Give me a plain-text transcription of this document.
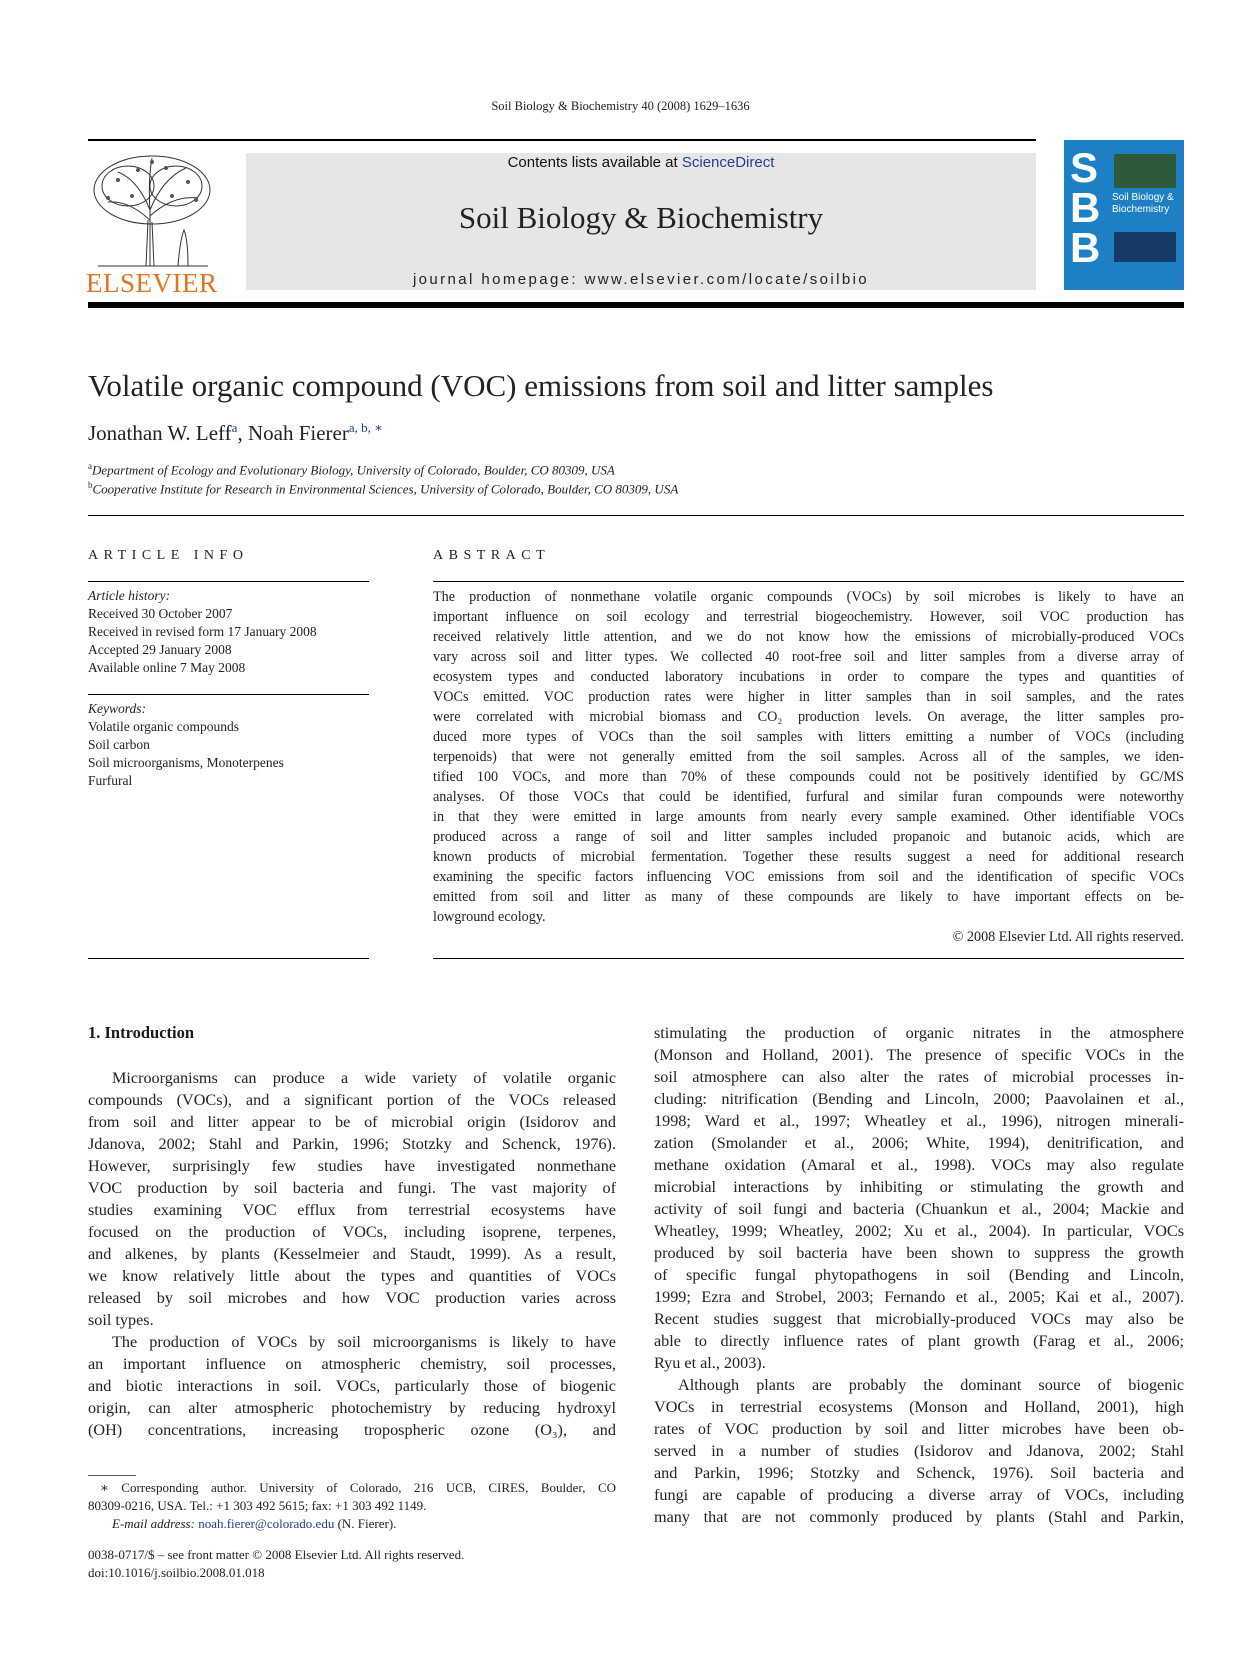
Soil Biology & Biochemistry 40 (2008) 1629–1636
ELSEVIER
Contents lists available at ScienceDirect
Soil Biology & Biochemistry
journal homepage: www.elsevier.com/locate/soilbio
S
B
B
Soil Biology & Biochemistry
Volatile organic compound (VOC) emissions from soil and litter samples
Jonathan W. Leff$^a$, Noah Fierer$^{a, b, ∗}$
$^a$Department of Ecology and Evolutionary Biology, University of Colorado, Boulder, CO 80309, USA
$^b$Cooperative Institute for Research in Environmental Sciences, University of Colorado, Boulder, CO 80309, USA
ARTICLE INFO	ABSTRACT
Article history:
Received 30 October 2007
Received in revised form 17 January 2008
Accepted 29 January 2008
Available online 7 May 2008
Keywords:
Volatile organic compounds
Soil carbon
Soil microorganisms, Monoterpenes
Furfural
The production of nonmethane volatile organic compounds (VOCs) by soil microbes is likely to have an
important influence on soil ecology and terrestrial biogeochemistry. However, soil VOC production has
received relatively little attention, and we do not know how the emissions of microbially-produced VOCs
vary across soil and litter types. We collected 40 root-free soil and litter samples from a diverse array of
ecosystem types and conducted laboratory incubations in order to compare the types and quantities of
VOCs emitted. VOC production rates were higher in litter samples than in soil samples, and the rates
were correlated with microbial biomass and CO₂ production levels. On average, the litter samples pro-
duced more types of VOCs than the soil samples with litters emitting a number of VOCs (including
terpenoids) that were not generally emitted from the soil samples. Across all of the samples, we iden-
tified 100 VOCs, and more than 70% of these compounds could not be positively identified by GC/MS
analyses. Of those VOCs that could be identified, furfural and similar furan compounds were noteworthy
in that they were emitted in large amounts from nearly every sample examined. Other identifiable VOCs
produced across a range of soil and litter samples included propanoic and butanoic acids, which are
known products of microbial fermentation. Together these results suggest a need for additional research
examining the specific factors influencing VOC emissions from soil and the identification of specific VOCs
emitted from soil and litter as many of these compounds are likely to have important effects on be-
lowground ecology.
© 2008 Elsevier Ltd. All rights reserved.
1. Introduction
Microorganisms can produce a wide variety of volatile organic
compounds (VOCs), and a significant portion of the VOCs released
from soil and litter appear to be of microbial origin (Isidorov and
Jdanova, 2002; Stahl and Parkin, 1996; Stotzky and Schenck, 1976).
However, surprisingly few studies have investigated nonmethane
VOC production by soil bacteria and fungi. The vast majority of
studies examining VOC efflux from terrestrial ecosystems have
focused on the production of VOCs, including isoprene, terpenes,
and alkenes, by plants (Kesselmeier and Staudt, 1999). As a result,
we know relatively little about the types and quantities of VOCs
released by soil microbes and how VOC production varies across
soil types.
The production of VOCs by soil microorganisms is likely to have
an important influence on atmospheric chemistry, soil processes,
and biotic interactions in soil. VOCs, particularly those of biogenic
origin, can alter atmospheric photochemistry by reducing hydroxyl
(OH) concentrations, increasing tropospheric ozone (O₃), and
stimulating the production of organic nitrates in the atmosphere
(Monson and Holland, 2001). The presence of specific VOCs in the
soil atmosphere can also alter the rates of microbial processes in-
cluding: nitrification (Bending and Lincoln, 2000; Paavolainen et al.,
1998; Ward et al., 1997; Wheatley et al., 1996), nitrogen minerali-
zation (Smolander et al., 2006; White, 1994), denitrification, and
methane oxidation (Amaral et al., 1998). VOCs may also regulate
microbial interactions by inhibiting or stimulating the growth and
activity of soil fungi and bacteria (Chuankun et al., 2004; Mackie and
Wheatley, 1999; Wheatley, 2002; Xu et al., 2004). In particular, VOCs
produced by soil bacteria have been shown to suppress the growth
of specific fungal phytopathogens in soil (Bending and Lincoln,
1999; Ezra and Strobel, 2003; Fernando et al., 2005; Kai et al., 2007).
Recent studies suggest that microbially-produced VOCs may also be
able to directly influence rates of plant growth (Farag et al., 2006;
Ryu et al., 2003).
Although plants are probably the dominant source of biogenic
VOCs in terrestrial ecosystems (Monson and Holland, 2001), high
rates of VOC production by soil and litter microbes have been ob-
served in a number of studies (Isidorov and Jdanova, 2002; Stahl
and Parkin, 1996; Stotzky and Schenck, 1976). Soil bacteria and
fungi are capable of producing a diverse array of VOCs, including
many that are not commonly produced by plants (Stahl and Parkin,
∗ Corresponding author. University of Colorado, 216 UCB, CIRES, Boulder, CO
80309-0216, USA. Tel.: +1 303 492 5615; fax: +1 303 492 1149.
E-mail address: noah.fierer@colorado.edu (N. Fierer).
0038-0717/$ – see front matter © 2008 Elsevier Ltd. All rights reserved.
doi:10.1016/j.soilbio.2008.01.018
